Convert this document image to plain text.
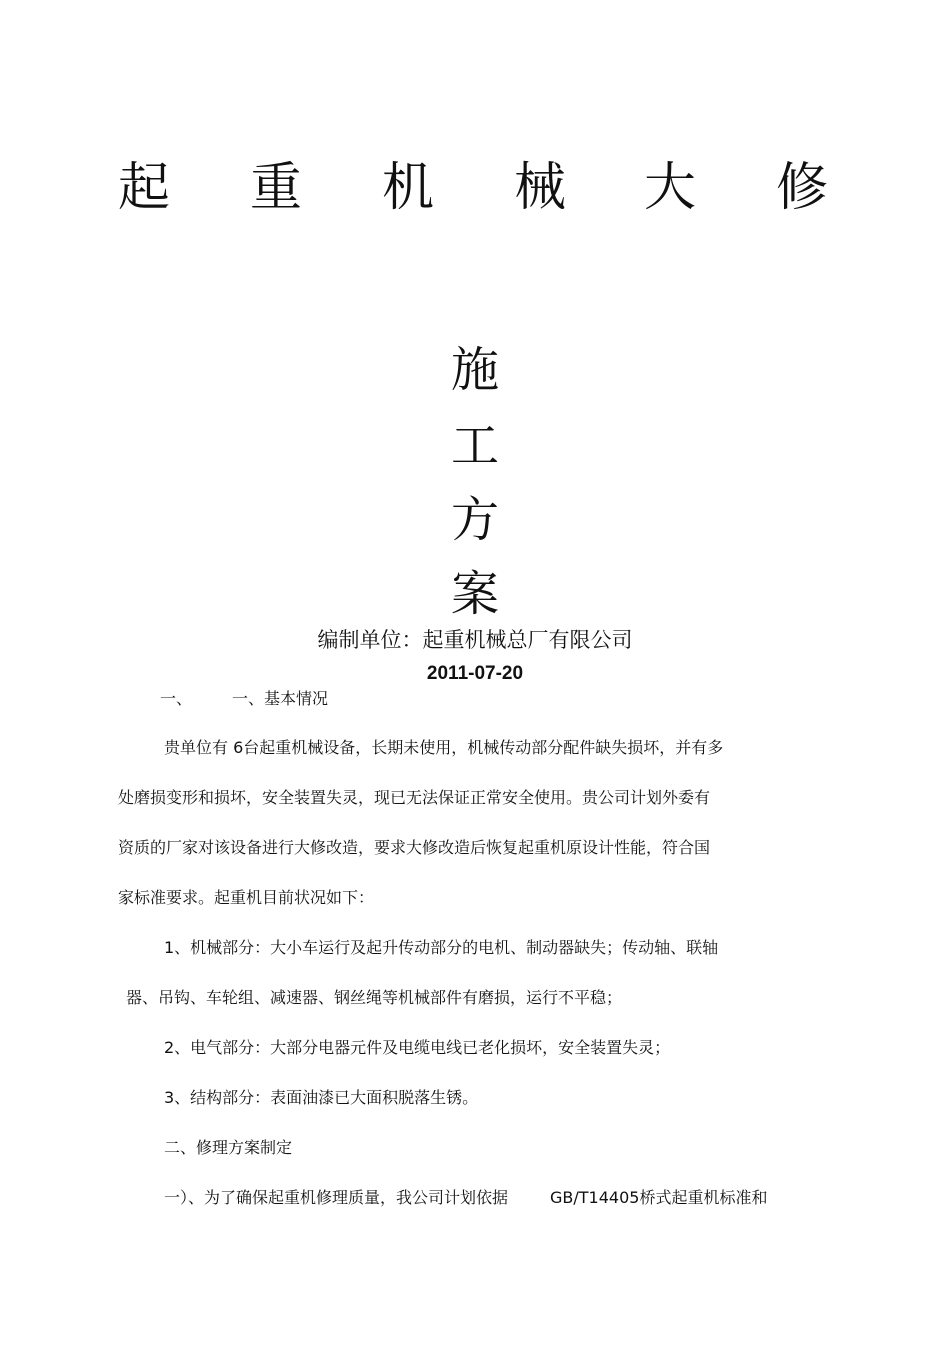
起 重 机 械 大 修
施
工
方
案
编制单位：起重机械总厂有限公司
2011-07-20
一、	一、基本情况
贵单位有 6台起重机械设备，长期未使用，机械传动部分配件缺失损坏，并有多
处磨损变形和损坏，安全装置失灵，现已无法保证正常安全使用。贵公司计划外委有
资质的厂家对该设备进行大修改造，要求大修改造后恢复起重机原设计性能，符合国
家标准要求。起重机目前状况如下：
1、机械部分：大小车运行及起升传动部分的电机、制动器缺失；传动轴、联轴
器、吊钩、车轮组、减速器、钢丝绳等机械部件有磨损，运行不平稳；
2、电气部分：大部分电器元件及电缆电线已老化损坏，安全装置失灵；
3、结构部分：表面油漆已大面积脱落生锈。
二、修理方案制定
一）、为了确保起重机修理质量，我公司计划依据	GB/T14405桥式起重机标准和
